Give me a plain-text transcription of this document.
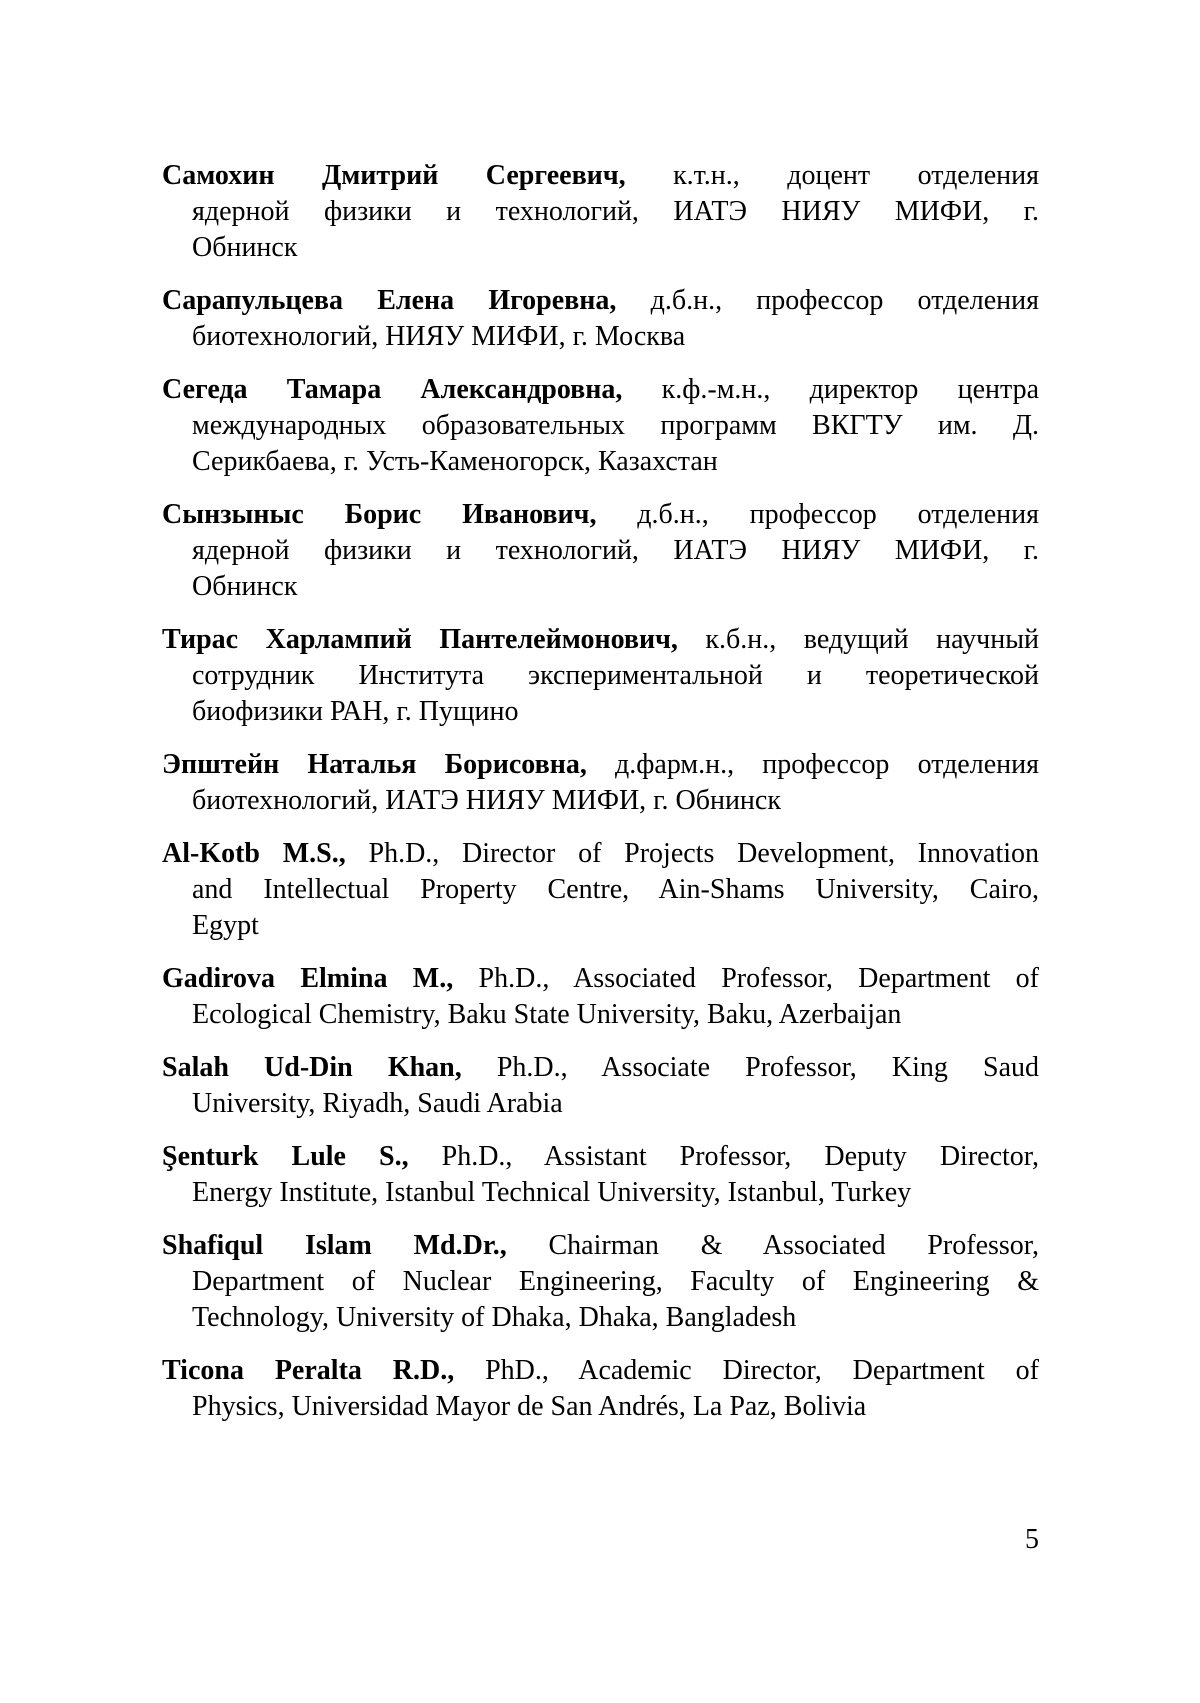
Самохин Дмитрий Сергеевич, к.т.н., доцент отделения
ядерной физики и технологий, ИАТЭ НИЯУ МИФИ, г.
Обнинск
Сарапульцева Елена Игоревна, д.б.н., профессор отделения
биотехнологий, НИЯУ МИФИ, г. Москва
Сегеда Тамара Александровна, к.ф.-м.н., директор центра
международных образовательных программ ВКГТУ им. Д.
Серикбаева, г. Усть-Каменогорск, Казахстан
Сынзыныс Борис Иванович, д.б.н., профессор отделения
ядерной физики и технологий, ИАТЭ НИЯУ МИФИ, г.
Обнинск
Тирас Харлампий Пантелеймонович, к.б.н., ведущий научный
сотрудник Института экспериментальной и теоретической
биофизики РАН, г. Пущино
Эпштейн Наталья Борисовна, д.фарм.н., профессор отделения
биотехнологий, ИАТЭ НИЯУ МИФИ, г. Обнинск
Al-Kotb M.S., Ph.D., Director of Projects Development, Innovation
and Intellectual Property Centre, Ain-Shams University, Cairo,
Egypt
Gadirova Elmina M., Ph.D., Associated Professor, Department of
Ecological Chemistry, Baku State University, Baku, Azerbaijan
Salah Ud-Din Khan, Ph.D., Associate Professor, King Saud
University, Riyadh, Saudi Arabia
Şenturk Lule S., Ph.D., Assistant Professor, Deputy Director,
Energy Institute, Istanbul Technical University, Istanbul, Turkey
Shafiqul Islam Md.Dr., Chairman & Associated Professor,
Department of Nuclear Engineering, Faculty of Engineering &
Technology, University of Dhaka, Dhaka, Bangladesh
Ticona Peralta R.D., PhD., Academic Director, Department of
Physics, Universidad Mayor de San Andrés, La Paz, Bolivia
5
